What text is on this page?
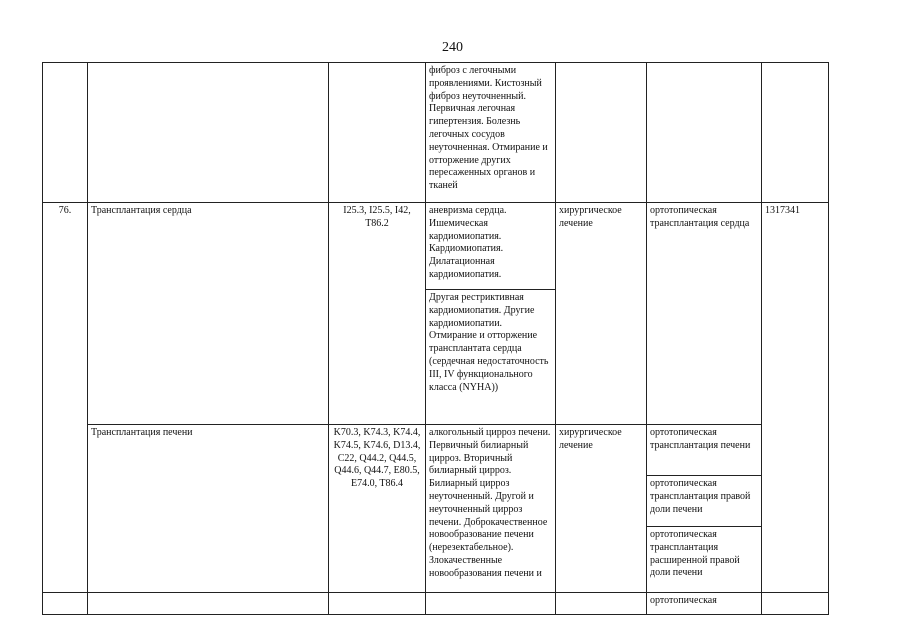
240
			фиброз с легочными проявлениями. Кистозный фиброз неуточненный. Первичная легочная гипертензия. Болезнь легочных сосудов неуточненная. Отмирание и отторжение других пересаженных органов и тканей			
76.	Трансплантация сердца	I25.3, I25.5, I42, T86.2	аневризма сердца. Ишемическая кардиомиопатия. Кардиомиопатия. Дилатационная кардиомиопатия.	хирургическое лечение	ортотопическая трансплантация сердца	1317341
			Другая рестриктивная кардиомиопатия. Другие кардиомиопатии. Отмирание и отторжение трансплантата сердца (сердечная недостаточность III, IV функционального класса (NYHA))			
	Трансплантация печени	K70.3, K74.3, K74.4, K74.5, K74.6, D13.4, C22, Q44.2, Q44.5, Q44.6, Q44.7, E80.5, E74.0, T86.4	алкогольный цирроз печени. Первичный билиарный цирроз. Вторичный билиарный цирроз. Билиарный цирроз неуточненный. Другой и неуточненный цирроз печени. Доброкачественное новообразование печени (нерезектабельное). Злокачественные новообразования печени и	хирургическое лечение	ортотопическая трансплантация печени	
					ортотопическая трансплантация правой доли печени	
					ортотопическая трансплантация расширенной правой доли печени	
					ортотопическая	
